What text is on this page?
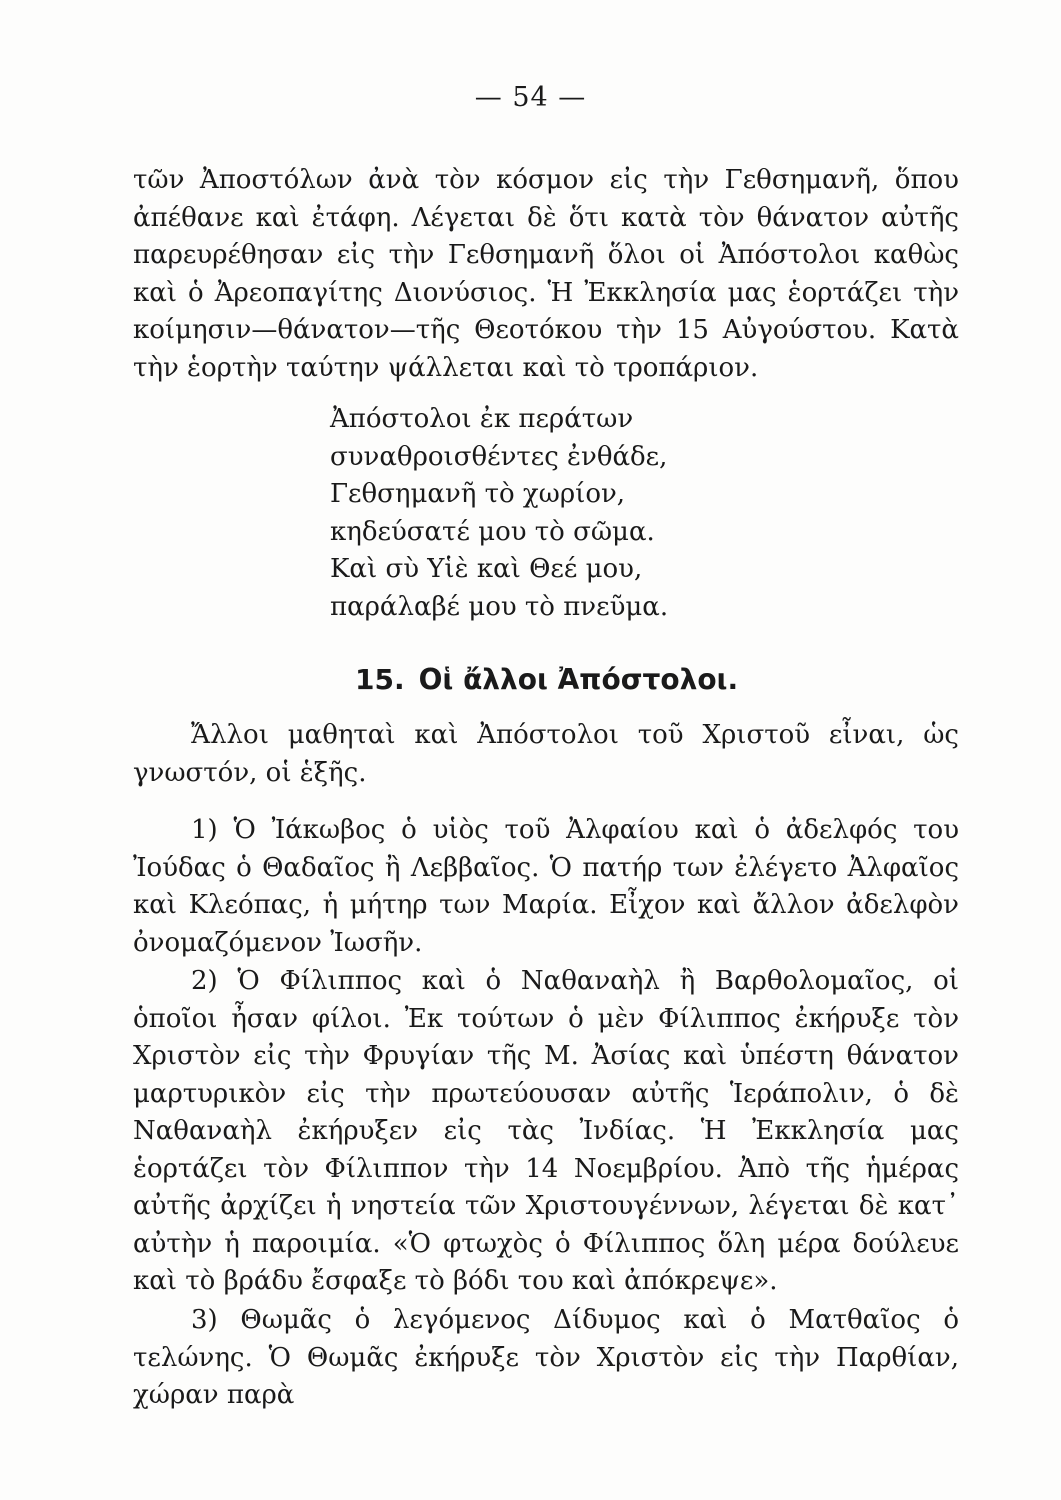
— 54 —

τῶν Ἀποστόλων ἀνὰ τὸν κόσμον εἰς τὴν Γεθσημανῆ, ὅπου ἀπέθανε καὶ ἐτάφη. Λέγεται δὲ ὅτι κατὰ τὸν θάνατον αὐτῆς παρευρέθησαν εἰς τὴν Γεθσημανῆ ὅλοι οἱ Ἀπόστολοι καθὼς καὶ ὁ Ἀρεοπαγίτης Διονύσιος. Ἡ Ἐκκλησία μας ἑορτάζει τὴν κοίμησιν—θάνατον—τῆς Θεοτόκου τὴν 15 Αὐγούστου. Κατὰ τὴν ἑορτὴν ταύτην ψάλλεται καὶ τὸ τροπάριον.

Ἀπόστολοι ἐκ περάτων
συναθροισθέντες ἐνθάδε,
Γεθσημανῆ τὸ χωρίον,
κηδεύσατέ μου τὸ σῶμα.
Καὶ σὺ Υἱὲ καὶ Θεέ μου,
παράλαβέ μου τὸ πνεῦμα.
15. Οἱ ἄλλοι Ἀπόστολοι.

Ἄλλοι μαθηταὶ καὶ Ἀπόστολοι τοῦ Χριστοῦ εἶναι, ὡς γνωστόν, οἱ ἑξῆς.

1) Ὁ Ἰάκωβος ὁ υἱὸς τοῦ Ἀλφαίου καὶ ὁ ἀδελφός του Ἰούδας ὁ Θαδαῖος ἢ Λεββαῖος. Ὁ πατήρ των ἐλέγετο Ἀλφαῖος καὶ Κλεόπας, ἡ μήτηρ των Μαρία. Εἶχον καὶ ἄλλον ἀδελφὸν ὀνομαζόμενον Ἰωσῆν.

2) Ὁ Φίλιππος καὶ ὁ Ναθαναὴλ ἢ Βαρθολομαῖος, οἱ ὁποῖοι ἦσαν φίλοι. Ἐκ τούτων ὁ μὲν Φίλιππος ἐκήρυξε τὸν Χριστὸν εἰς τὴν Φρυγίαν τῆς Μ. Ἀσίας καὶ ὑπέστη θάνατον μαρτυρικὸν εἰς τὴν πρωτεύουσαν αὐτῆς Ἱεράπολιν, ὁ δὲ Ναθαναὴλ ἐκήρυξεν εἰς τὰς Ἰνδίας. Ἡ Ἐκκλησία μας ἑορτάζει τὸν Φίλιππον τὴν 14 Νοεμβρίου. Ἀπὸ τῆς ἡμέρας αὐτῆς ἀρχίζει ἡ νηστεία τῶν Χριστουγέννων, λέγεται δὲ κατ᾽ αὐτὴν ἡ παροιμία. «Ὁ φτωχὸς ὁ Φίλιππος ὅλη μέρα δούλευε καὶ τὸ βράδυ ἔσφαξε τὸ βόδι του καὶ ἀπόκρεψε».

3) Θωμᾶς ὁ λεγόμενος Δίδυμος καὶ ὁ Ματθαῖος ὁ τελώνης. Ὁ Θωμᾶς ἐκήρυξε τὸν Χριστὸν εἰς τὴν Παρθίαν, χώραν παρὰ
